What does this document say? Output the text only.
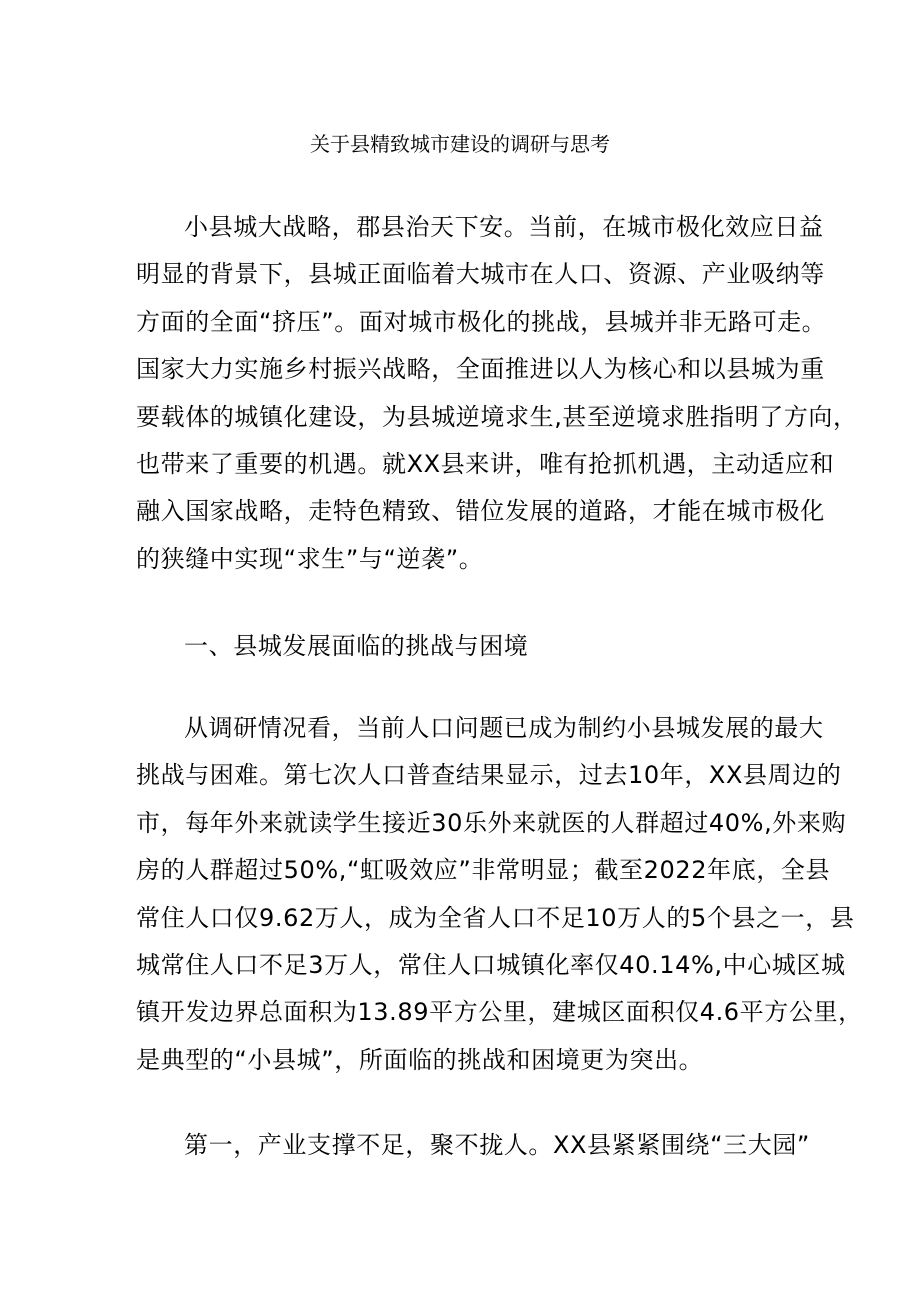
关于县精致城市建设的调研与思考
小县城大战略，郡县治天下安。当前，在城市极化效应日益
明显的背景下，县城正面临着大城市在人口、资源、产业吸纳等
方面的全面“挤压”。面对城市极化的挑战，县城并非无路可走。
国家大力实施乡村振兴战略，全面推进以人为核心和以县城为重
要载体的城镇化建设，为县城逆境求生,甚至逆境求胜指明了方向，
也带来了重要的机遇。就XX县来讲，唯有抢抓机遇，主动适应和
融入国家战略，走特色精致、错位发展的道路，才能在城市极化
的狭缝中实现“求生”与“逆袭”。
一、县城发展面临的挑战与困境
从调研情况看，当前人口问题已成为制约小县城发展的最大
挑战与困难。第七次人口普查结果显示，过去10年，XX县周边的
市，每年外来就读学生接近30乐外来就医的人群超过40%,外来购
房的人群超过50%,“虹吸效应”非常明显；截至2022年底，全县
常住人口仅9.62万人，成为全省人口不足10万人的5个县之一，县
城常住人口不足3万人，常住人口城镇化率仅40.14%,中心城区城
镇开发边界总面积为13.89平方公里，建城区面积仅4.6平方公里，
是典型的“小县城”，所面临的挑战和困境更为突出。
第一，产业支撑不足，聚不拢人。XX县紧紧围绕“三大园”
